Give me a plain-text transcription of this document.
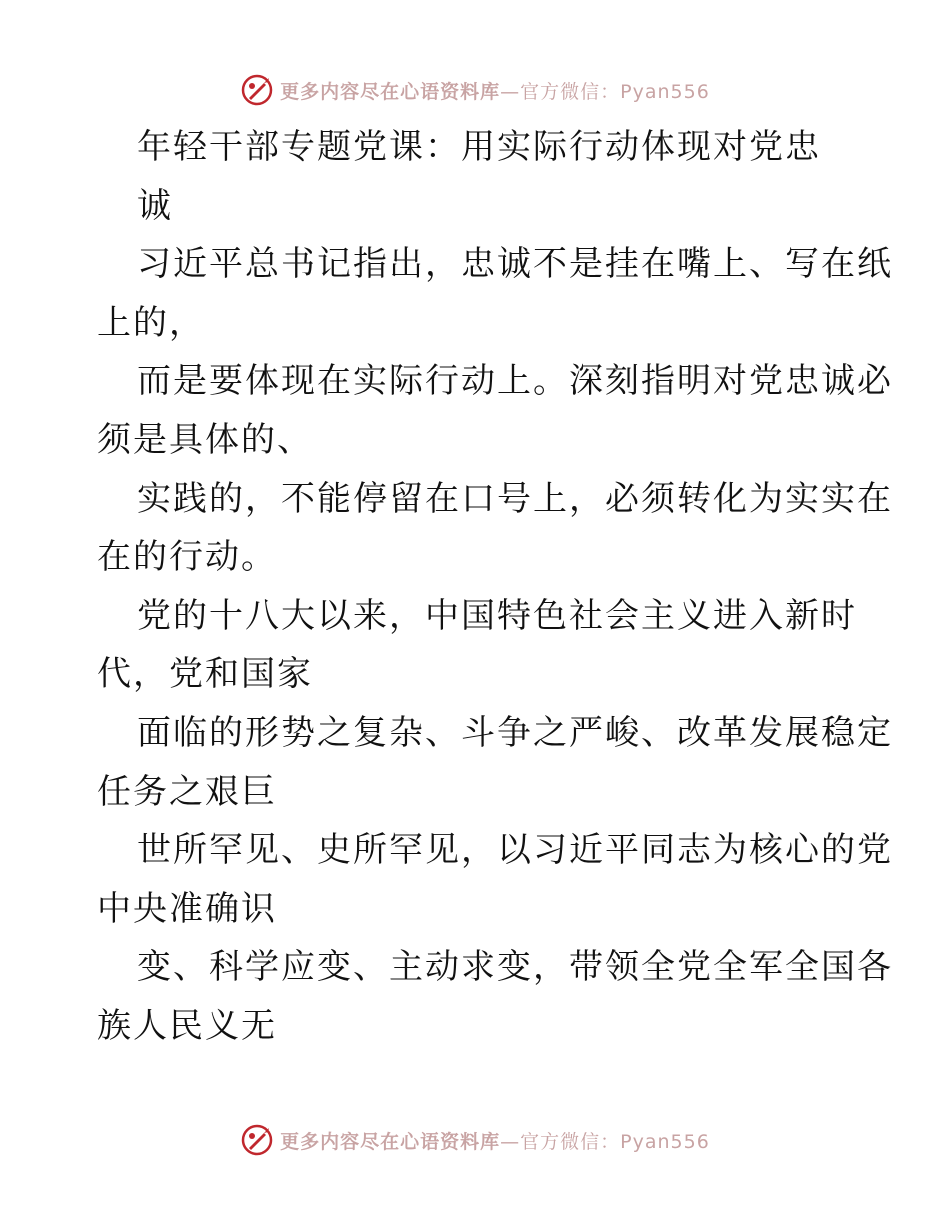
更多内容尽在心语资料库 —官方微信：Pyan556
年轻干部专题党课：用实际行动体现对党忠
诚
习近平总书记指出，忠诚不是挂在嘴上、写在纸
上的，
而是要体现在实际行动上。深刻指明对党忠诚必
须是具体的、
实践的，不能停留在口号上，必须转化为实实在
在的行动。
党的十八大以来，中国特色社会主义进入新时
代，党和国家
面临的形势之复杂、斗争之严峻、改革发展稳定
任务之艰巨
世所罕见、史所罕见，以习近平同志为核心的党
中央准确识
变、科学应变、主动求变，带领全党全军全国各
族人民义无
更多内容尽在心语资料库 —官方微信：Pyan556
